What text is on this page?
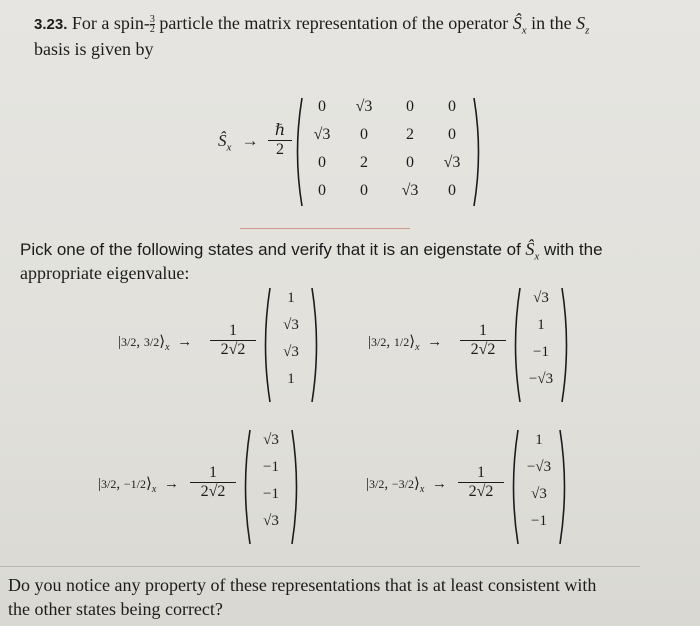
3.23. For a spin- $\frac{3}{2}$ particle the matrix representation of the operator $Ŝ_x$ in the $S_z$
basis is given by
$Ŝ_x$ →
ℏ
2
0	√3	0	0
√3	0	2	0
0	2	0	√3
0	0	√3	0
Pick one of the following states and verify that it is an eigenstate of $Ŝ_x$ with the
appropriate eigenvalue:
|3/2, $3/2⟩_x \to \frac{1}{2√2}$
1
√3
√3
1
|3/2, $1/2⟩_x \to \frac{1}{2√2}$
√3
1
−1
−√3
|3/2, $-1/2⟩_x \to \frac{1}{2√2}$
√3
−1
−1
√3
|3/2, $-3/2⟩_x \to \frac{1}{2√2}$
1
−√3
√3
−1
Do you notice any property of these representations that is at least consistent with
the other states being correct?
